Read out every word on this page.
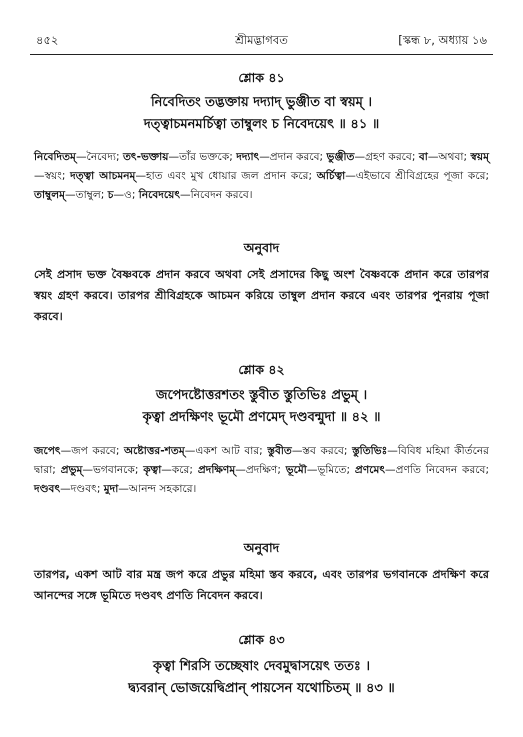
৪৫২	শ্রীমদ্ভাগবত	[স্কন্ধ ৮, অধ্যায় ১৬
শ্লোক ৪১
নিবেদিতং তদ্ভক্তায় দদ্যাদ্ ভুঞ্জীত বা স্বয়ম্ ।
দত্ত্বাচমনমর্চিত্বা তাম্বুলং চ নিবেদয়েৎ ॥ ৪১ ॥
নিবেদিতম্—নৈবেদ্য; তৎ-ভক্তায়—তাঁর ভক্তকে; দদ্যাৎ—প্রদান করবে; ভুঞ্জীত—গ্রহণ করবে; বা—অথবা; স্বয়ম্—স্বয়ং; দত্ত্বা আচমনম্—হাত এবং মুখ ধোয়ার জল প্রদান করে; অর্চিত্বা—এইভাবে শ্রীবিগ্রহের পূজা করে; তাম্বুলম্—তাম্বুল; চ—ও; নিবেদয়েৎ—নিবেদন করবে।
অনুবাদ
সেই প্রসাদ ভক্ত বৈষ্ণবকে প্রদান করবে অথবা সেই প্রসাদের কিছু অংশ বৈষ্ণবকে প্রদান করে তারপর স্বয়ং গ্রহণ করবে। তারপর শ্রীবিগ্রহকে আচমন করিয়ে তাম্বুল প্রদান করবে এবং তারপর পুনরায় পূজা করবে।
শ্লোক ৪২
জপেদষ্টোত্তরশতং স্তুবীত স্তুতিভিঃ প্রভুম্ ।
কৃত্বা প্রদক্ষিণং ভূমৌ প্রণমেদ্ দণ্ডবন্মুদা ॥ ৪২ ॥
জপেৎ—জপ করবে; অষ্টোত্তর-শতম্—একশ আট বার; স্তুবীত—স্তব করবে; স্তুতিভিঃ—বিবিধ মহিমা কীর্তনের দ্বারা; প্রভুম্—ভগবানকে; কৃত্বা—করে; প্রদক্ষিণম্—প্রদক্ষিণ; ভূমৌ—ভূমিতে; প্রণমেৎ—প্রণতি নিবেদন করবে; দণ্ডবৎ—দণ্ডবৎ; মুদা—আনন্দ সহকারে।
অনুবাদ
তারপর, একশ আট বার মন্ত্র জপ করে প্রভুর মহিমা স্তব করবে, এবং তারপর ভগবানকে প্রদক্ষিণ করে আনন্দের সঙ্গে ভূমিতে দণ্ডবৎ প্রণতি নিবেদন করবে।
শ্লোক ৪৩
কৃত্বা শিরসি তচ্ছেষাং দেবমুদ্বাসয়েৎ ততঃ ।
দ্ব্যবরান্ ভোজয়েদ্বিপ্রান্ পায়সেন যথোচিতম্ ॥ ৪৩ ॥
